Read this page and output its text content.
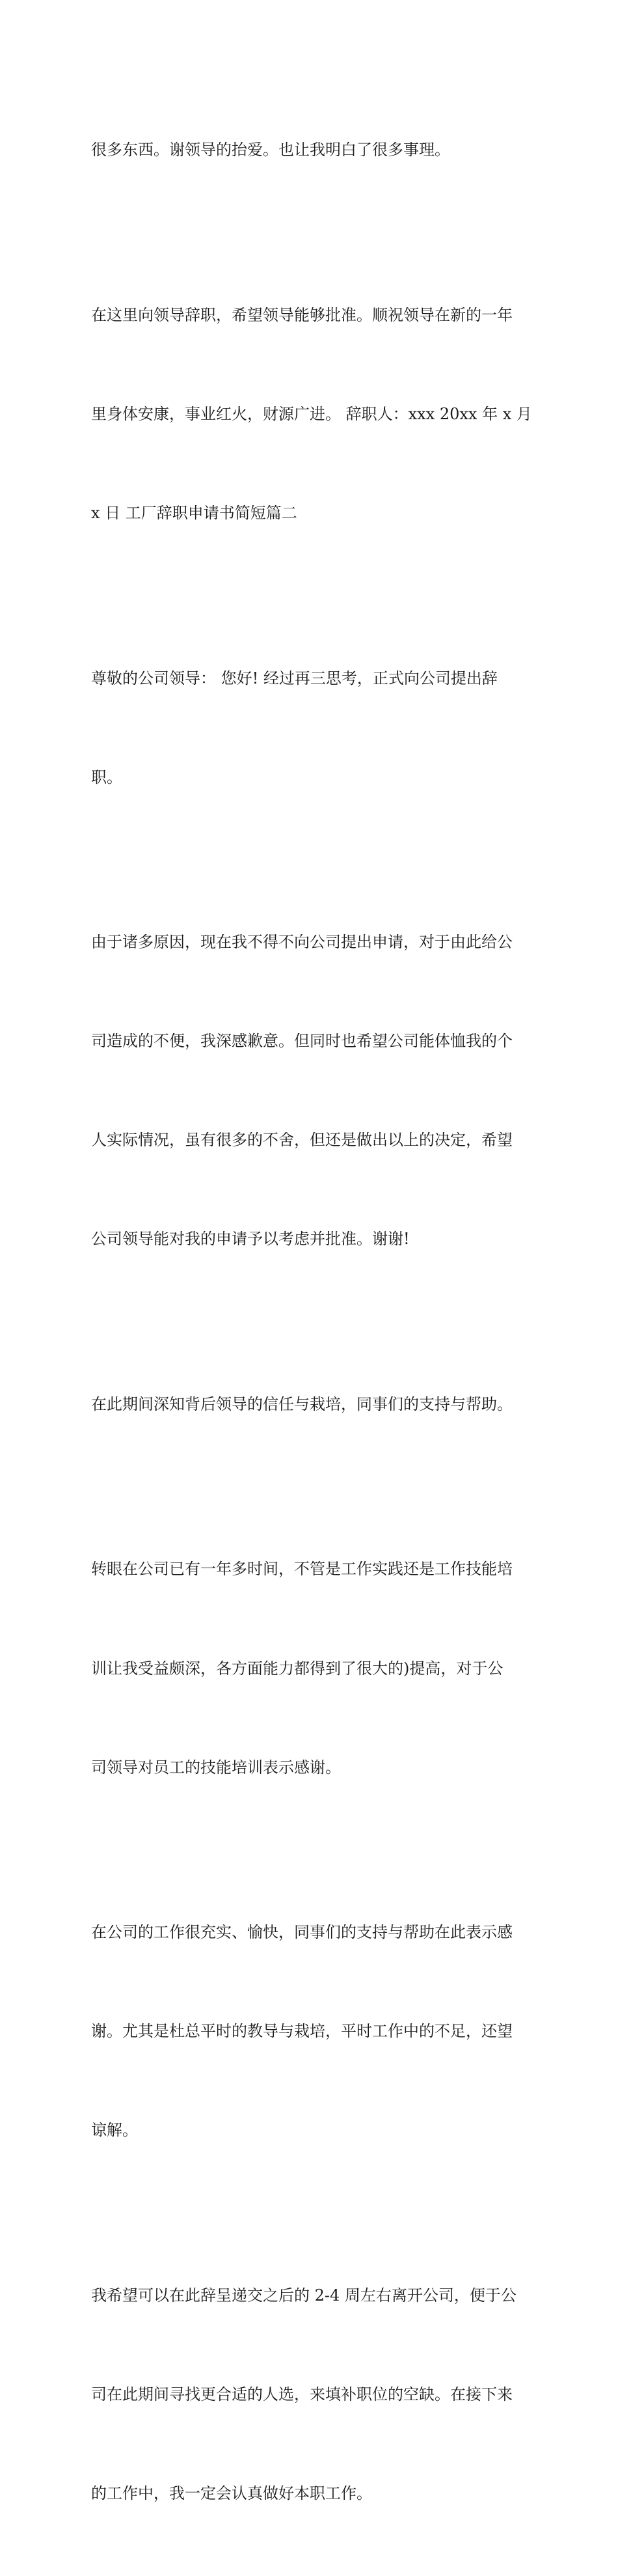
很多东西。谢领导的抬爱。也让我明白了很多事理。

在这里向领导辞职，希望领导能够批准。顺祝领导在新的一年

里身体安康，事业红火，财源广进。 辞职人：xxx 20xx 年 x 月

x 日 工厂辞职申请书简短篇二

尊敬的公司领导： 您好! 经过再三思考，正式向公司提出辞

职。

由于诸多原因，现在我不得不向公司提出申请，对于由此给公

司造成的不便，我深感歉意。但同时也希望公司能体恤我的个

人实际情况，虽有很多的不舍，但还是做出以上的决定，希望

公司领导能对我的申请予以考虑并批准。谢谢!

在此期间深知背后领导的信任与栽培，同事们的支持与帮助。

转眼在公司已有一年多时间，不管是工作实践还是工作技能培

训让我受益颇深，各方面能力都得到了很大的)提高，对于公

司领导对员工的技能培训表示感谢。

在公司的工作很充实、愉快，同事们的支持与帮助在此表示感

谢。尤其是杜总平时的教导与栽培，平时工作中的不足，还望

谅解。

我希望可以在此辞呈递交之后的 2-4 周左右离开公司，便于公

司在此期间寻找更合适的人选，来填补职位的空缺。在接下来

的工作中，我一定会认真做好本职工作。
